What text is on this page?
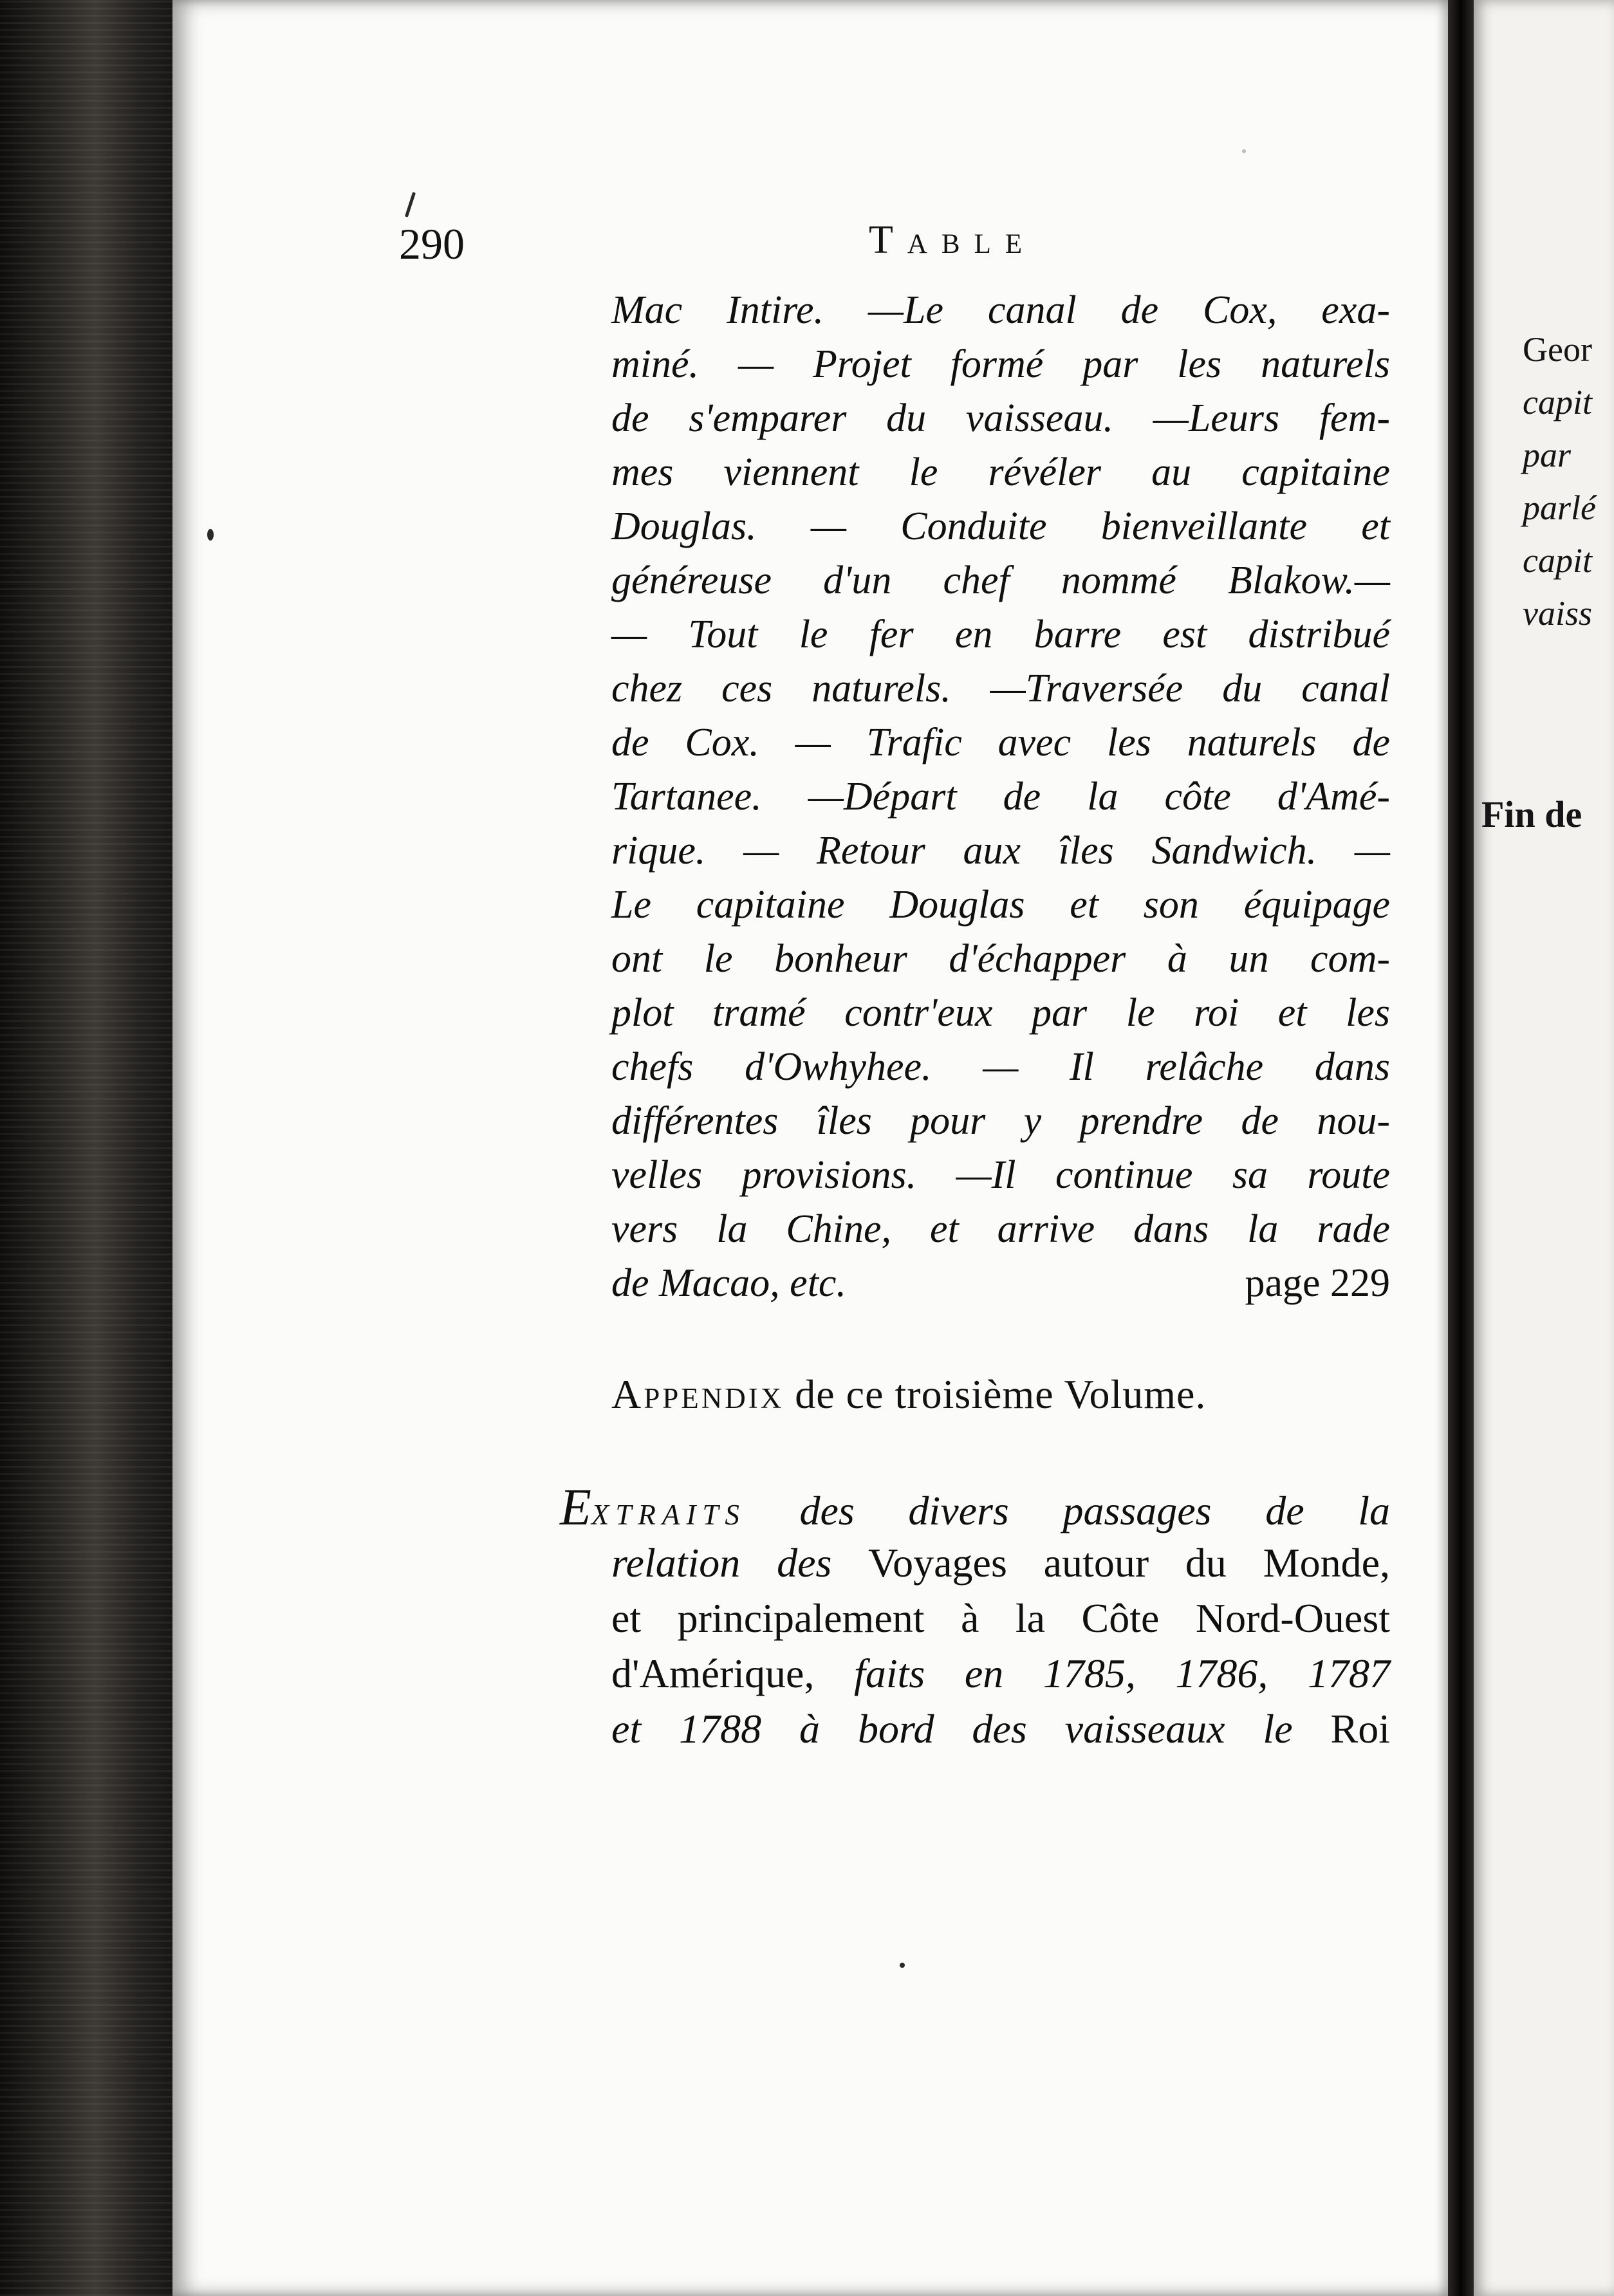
290	Table
Mac Intire. —Le canal de Cox, exa-
miné. — Projet formé par les naturels
de s'emparer du vaisseau. —Leurs fem-
mes viennent le révéler au capitaine
Douglas. — Conduite bienveillante et
généreuse d'un chef nommé Blakow.—
— Tout le fer en barre est distribué
chez ces naturels. —Traversée du canal
de Cox. — Trafic avec les naturels de
Tartanee. —Départ de la côte d'Amé-
rique. — Retour aux îles Sandwich. —
Le capitaine Douglas et son équipage
ont le bonheur d'échapper à un com-
plot tramé contr'eux par le roi et les
chefs d'Owhyhee. — Il relâche dans
différentes îles pour y prendre de nou-
velles provisions. —Il continue sa route
vers la Chine, et arrive dans la rade
de Macao, etc.	page 229
Appendix de ce troisième Volume.
Extraits des divers passages de la
relation des Voyages autour du Monde,
et principalement à la Côte Nord-Ouest
d'Amérique, faits en 1785, 1786, 1787
et 1788 à bord des vaisseaux le Roi
Geor
capit
par
parlé
capit
vaiss
Fin de
